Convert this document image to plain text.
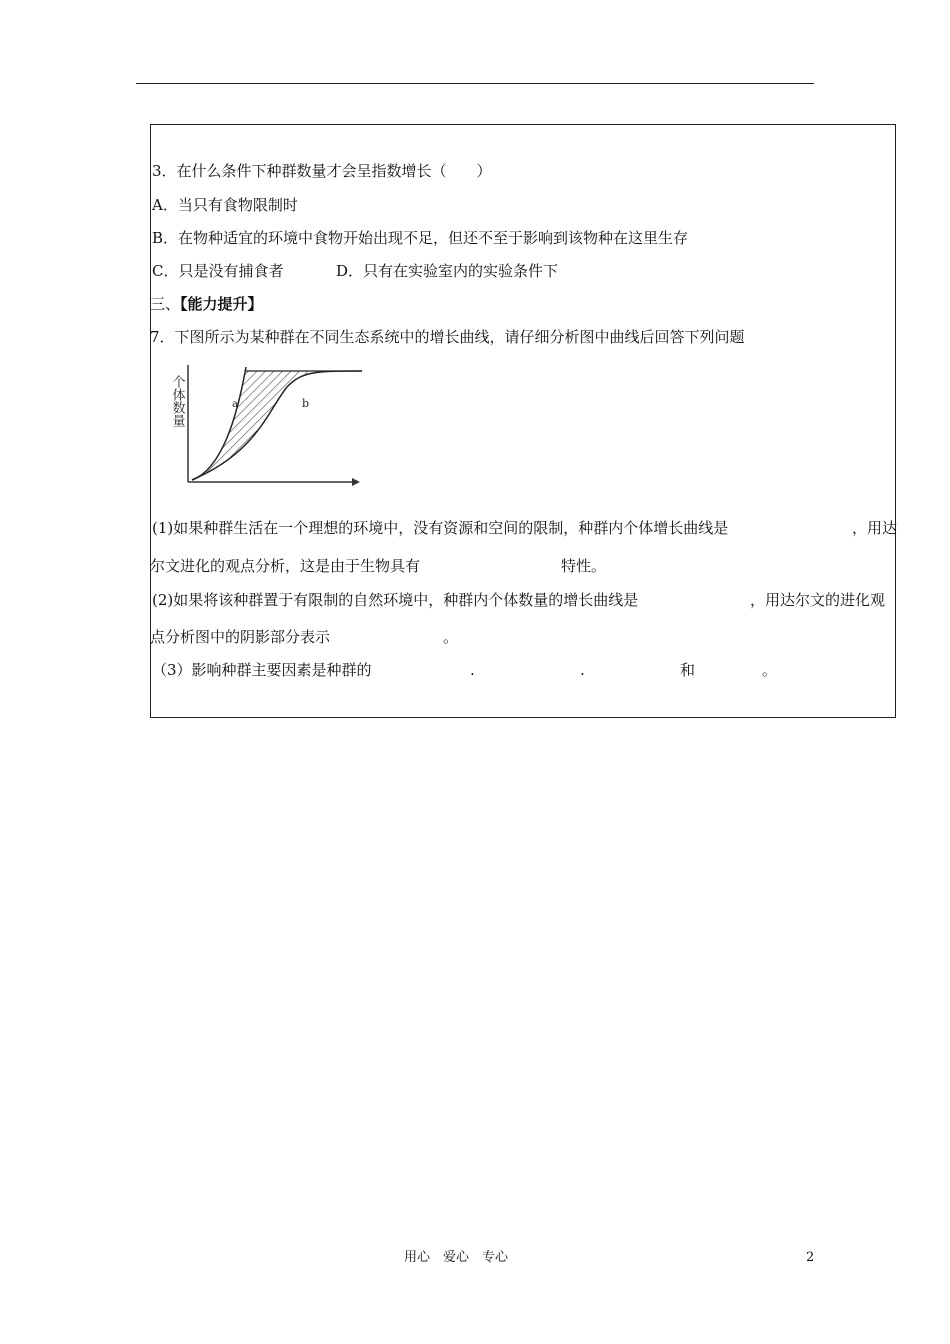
3．在什么条件下种群数量才会呈指数增长（　　）
A．当只有食物限制时
B．在物种适宜的环境中食物开始出现不足，但还不至于影响到该物种在这里生存
C．只是没有捕食者	D．只有在实验室内的实验条件下
三、【能力提升】
7．下图所示为某种群在不同生态系统中的增长曲线，请仔细分析图中曲线后回答下列问题
a	b
个体数量
(1)如果种群生活在一个理想的环境中，没有资源和空间的限制，种群内个体增长曲线是	，用达
尔文进化的观点分析，这是由于生物具有	特性。
(2)如果将该种群置于有限制的自然环境中，种群内个体数量的增长曲线是	，用达尔文的进化观
点分析图中的阴影部分表示	。
（3）影响种群主要因素是种群的	.	.	和	。
用心　爱心　专心	2
